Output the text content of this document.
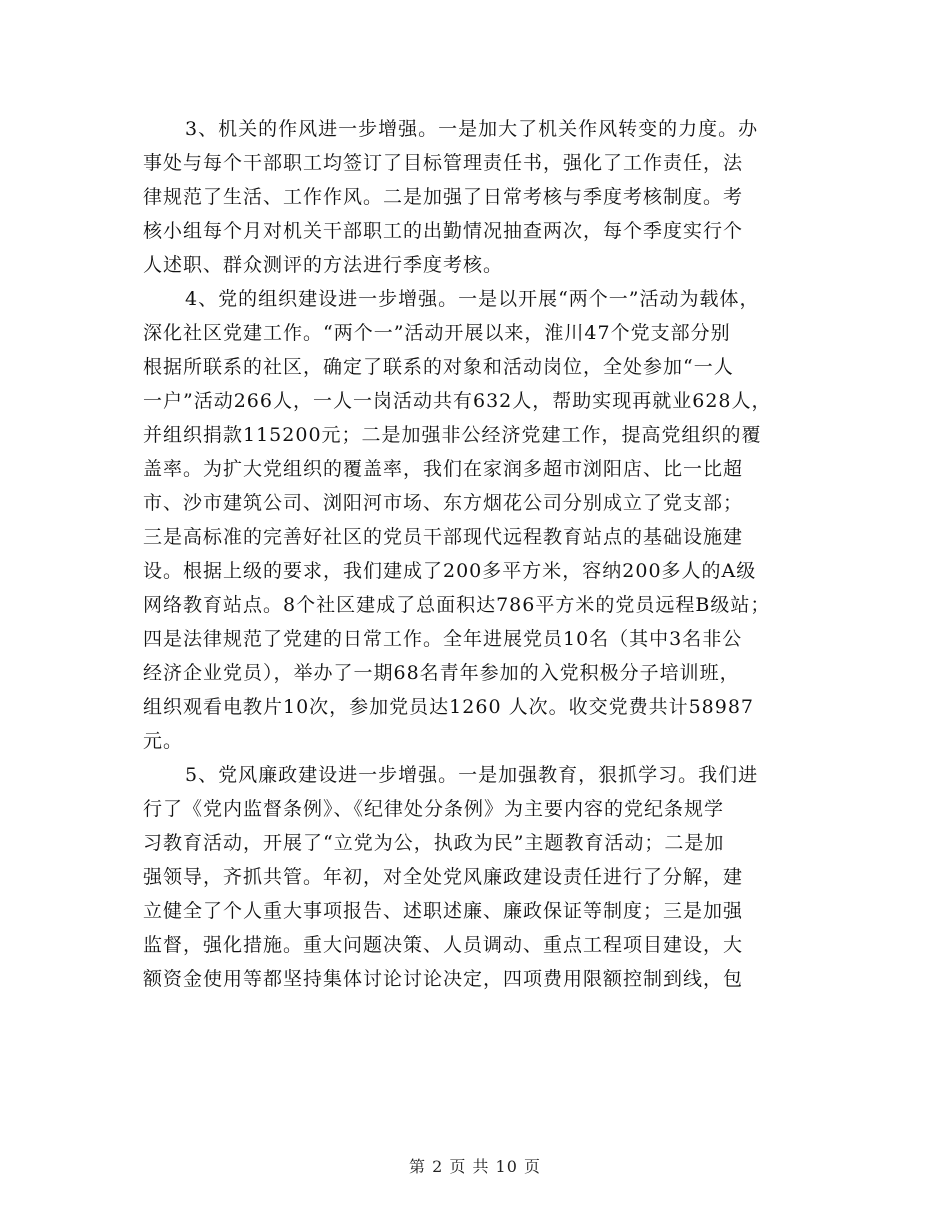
3、机关的作风进一步增强。一是加大了机关作风转变的力度。办
事处与每个干部职工均签订了目标管理责任书，强化了工作责任，法
律规范了生活、工作作风。二是加强了日常考核与季度考核制度。考
核小组每个月对机关干部职工的出勤情况抽查两次，每个季度实行个
人述职、群众测评的方法进行季度考核。
4、党的组织建设进一步增强。一是以开展“两个一”活动为载体，
深化社区党建工作。“两个一”活动开展以来，淮川47个党支部分别
根据所联系的社区，确定了联系的对象和活动岗位，全处参加“一人
一户”活动266人，一人一岗活动共有632人，帮助实现再就业628人，
并组织捐款115200元；二是加强非公经济党建工作，提高党组织的覆
盖率。为扩大党组织的覆盖率，我们在家润多超市浏阳店、比一比超
市、沙市建筑公司、浏阳河市场、东方烟花公司分别成立了党支部；
三是高标准的完善好社区的党员干部现代远程教育站点的基础设施建
设。根据上级的要求，我们建成了200多平方米，容纳200多人的A级
网络教育站点。8个社区建成了总面积达786平方米的党员远程B级站；
四是法律规范了党建的日常工作。全年进展党员10名（其中3名非公
经济企业党员），举办了一期68名青年参加的入党积极分子培训班，
组织观看电教片10次，参加党员达1260 人次。收交党费共计58987
元。
5、党风廉政建设进一步增强。一是加强教育，狠抓学习。我们进
行了《党内监督条例》、《纪律处分条例》为主要内容的党纪条规学
习教育活动，开展了“立党为公，执政为民”主题教育活动；二是加
强领导，齐抓共管。年初，对全处党风廉政建设责任进行了分解，建
立健全了个人重大事项报告、述职述廉、廉政保证等制度；三是加强
监督，强化措施。重大问题决策、人员调动、重点工程项目建设，大
额资金使用等都坚持集体讨论讨论决定，四项费用限额控制到线，包
第 2 页 共 10 页
